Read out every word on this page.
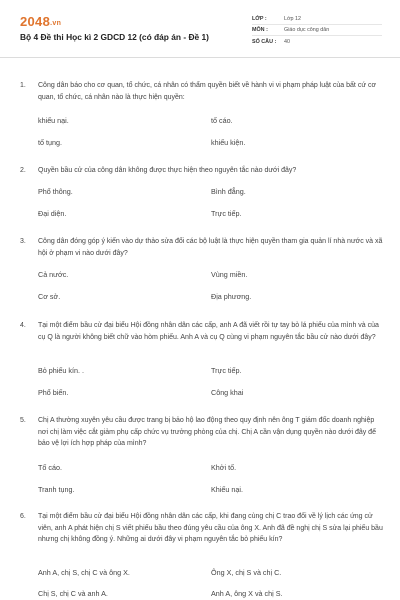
2048.vn
Bộ 4 Đề thi Học kì 2 GDCD 12 (có đáp án - Đề 1)
LỚP :	Lớp 12
MÔN :	Giáo dục công dân
SỐ CÂU :	40
1.	Công dân báo cho cơ quan, tổ chức, cá nhân có thẩm quyền biết về hành vi vi phạm pháp luật của bất cứ cơ quan, tổ chức, cá nhân nào là thực hiện quyền:
khiếu nại.	tố cáo.
tố tụng.	khiếu kiện.
2.	Quyền bầu cử của công dân không được thực hiện theo nguyên tắc nào dưới đây?
Phổ thông.	Bình đẳng.
Đại diện.	Trực tiếp.
3.	Công dân đóng góp ý kiến vào dự thảo sửa đổi các bộ luật là thực hiện quyền tham gia quản lí nhà nước và xã hội ở phạm vi nào dưới đây?
Cả nước.	Vùng miền.
Cơ sở.	Địa phương.
4.	Tại một điểm bầu cử đại biểu Hội đồng nhân dân các cấp, anh A đã viết rồi tự tay bỏ lá phiếu của mình và của cụ Q là người không biết chữ vào hòm phiếu. Anh A và cụ Q cùng vi phạm nguyên tắc bầu cử nào dưới đây?
Bỏ phiếu kín. .	Trực tiếp.
Phổ biến.	Công khai
5.	Chị A thường xuyên yêu cầu được trang bị bảo hộ lao động theo quy định nên ông T giám đốc doanh nghiệp nơi chị làm việc cắt giảm phụ cấp chức vụ trưởng phòng của chị. Chị A cần vận dụng quyền nào dưới đây để bảo vệ lợi ích hợp pháp của mình?
Tố cáo.	Khởi tố.
Tranh tụng.	Khiếu nại.
6.	Tại một điểm bầu cử đại biểu Hội đồng nhân dân các cấp, khi đang cùng chị C trao đổi về lý lịch các ứng cử viên, anh A phát hiện chị S viết phiếu bầu theo đúng yêu cầu của ông X. Anh đã đề nghị chị S sửa lại phiếu bầu nhưng chị không đồng ý. Những ai dưới đây vi phạm nguyên tắc bỏ phiếu kín?
Anh A, chị S, chị C và ông X.	Ông X, chị S và chị C.
Chị S, chị C và anh A.	Anh A, ông X và chị S.
